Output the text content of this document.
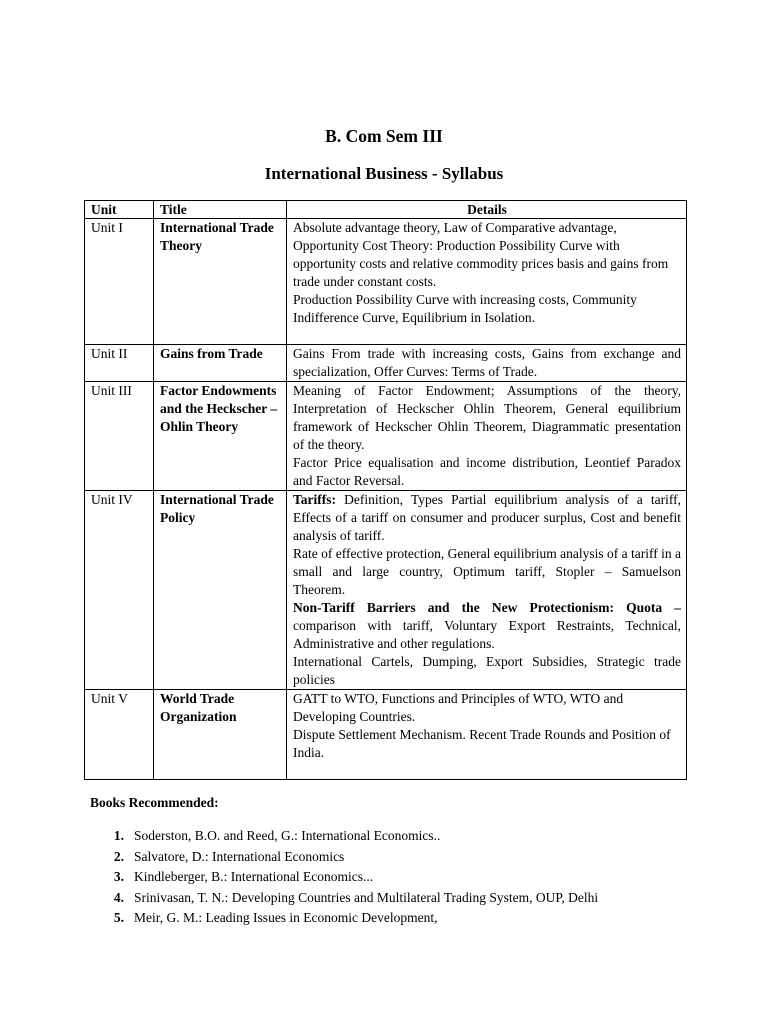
B. Com Sem III
International Business - Syllabus
Unit	Title	Details
Unit I	International Trade Theory	Absolute advantage theory, Law of Comparative advantage, Opportunity Cost Theory: Production Possibility Curve with opportunity costs and relative commodity prices basis and gains from trade under constant costs.

Production Possibility Curve with increasing costs, Community Indifference Curve, Equilibrium in Isolation.

Unit II	Gains from Trade	Gains From trade with increasing costs, Gains from exchange and specialization, Offer Curves: Terms of Trade.

Unit III	Factor Endowments and the Heckscher – Ohlin Theory	Meaning of Factor Endowment; Assumptions of the theory, Interpretation of Heckscher Ohlin Theorem, General equilibrium framework of Heckscher Ohlin Theorem, Diagrammatic presentation of the theory.

Factor Price equalisation and income distribution, Leontief Paradox and Factor Reversal.

Unit IV	International Trade Policy	Tariffs: Definition, Types Partial equilibrium analysis of a tariff, Effects of a tariff on consumer and producer surplus, Cost and benefit analysis of tariff.

Rate of effective protection, General equilibrium analysis of a tariff in a small and large country, Optimum tariff, Stopler – Samuelson Theorem.

Non-Tariff Barriers and the New Protectionism: Quota – comparison with tariff, Voluntary Export Restraints, Technical, Administrative and other regulations.

International Cartels, Dumping, Export Subsidies, Strategic trade policies

Unit V	World Trade Organization	GATT to WTO, Functions and Principles of WTO, WTO and Developing Countries.

Dispute Settlement Mechanism. Recent Trade Rounds and Position of India.

Books Recommended:
1. Soderston, B.O. and Reed, G.: International Economics..
2. Salvatore, D.: International Economics
3. Kindleberger, B.: International Economics...
4. Srinivasan, T. N.: Developing Countries and Multilateral Trading System, OUP, Delhi
5. Meir, G. M.: Leading Issues in Economic Development,
